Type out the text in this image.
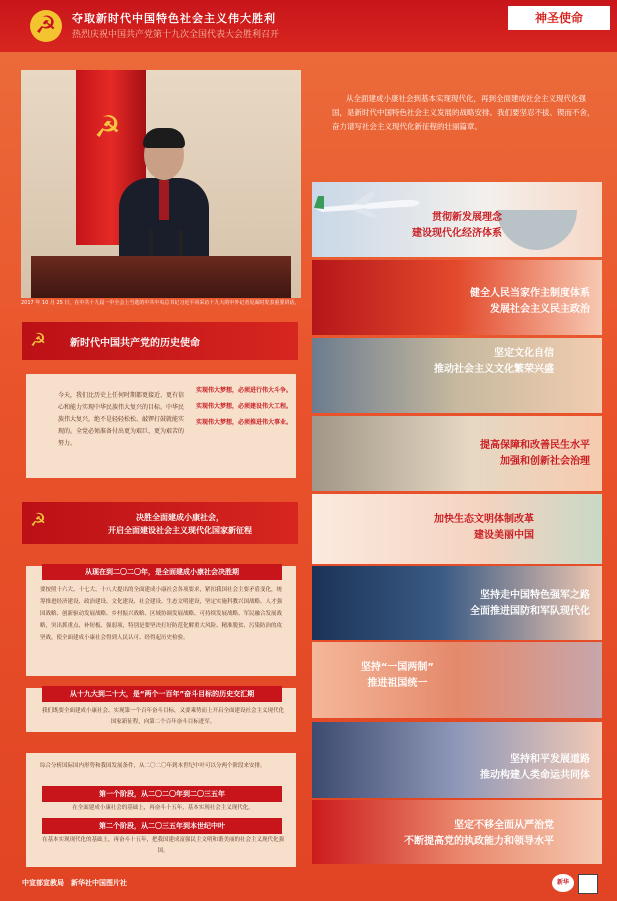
☭
夺取新时代中国特色社会主义伟大胜利
热烈庆祝中国共产党第十九次全国代表大会胜利召开
神圣使命
☭
2017 年 10 月 25 日，在中共十九届一中全会上当选的中共中央总书记习近平同采访十九大的中外记者见面时发表重要讲话。
☭ 新时代中国共产党的历史使命
今天，我们比历史上任何时期都更接近、更有信心和能力实现中华民族伟大复兴的目标。中华民族伟大复兴，绝不是轻轻松松、敲锣打鼓就能实现的。全党必须准备付出更为艰巨、更为艰苦的努力。
实现伟大梦想，必须进行伟大斗争。
实现伟大梦想，必须建设伟大工程。
实现伟大梦想，必须推进伟大事业。
☭	决胜全面建成小康社会，
开启全面建设社会主义现代化国家新征程
要按照十六大、十七大、十八大提出的全面建成小康社会各项要求，紧扣我国社会主要矛盾变化，统筹推进经济建设、政治建设、文化建设、社会建设、生态文明建设，坚定实施科教兴国战略、人才强国战略、创新驱动发展战略、乡村振兴战略、区域协调发展战略、可持续发展战略、军民融合发展战略，突出抓重点、补短板、强弱项，特别是要坚决打好防范化解重大风险、精准脱贫、污染防治的攻坚战，使全面建成小康社会得到人民认可、经得起历史检验。
从现在到二〇二〇年，是全面建成小康社会决胜期
我们既要全面建成小康社会、实现第一个百年奋斗目标，又要乘势而上开启全面建设社会主义现代化国家新征程，向第二个百年奋斗目标进军。
从十九大到二十大，是“两个一百年”奋斗目标的历史交汇期
综合分析国际国内形势和我国发展条件，从二〇二〇年到本世纪中叶可以分两个阶段来安排。
在全面建成小康社会的基础上，再奋斗十五年，基本实现社会主义现代化。
在基本实现现代化的基础上，再奋斗十五年，把我国建成富强民主文明和谐美丽的社会主义现代化强国。
第一个阶段，从二〇二〇年到二〇三五年
第二个阶段，从二〇三五年到本世纪中叶
从全面建成小康社会到基本实现现代化，再到全面建成社会主义现代化强国，是新时代中国特色社会主义发展的战略安排。我们要坚忍不拔、锲而不舍，奋力谱写社会主义现代化新征程的壮丽篇章。
贯彻新发展理念
建设现代化经济体系
健全人民当家作主制度体系
发展社会主义民主政治
坚定文化自信
推动社会主义文化繁荣兴盛
提高保障和改善民生水平
加强和创新社会治理
加快生态文明体制改革
建设美丽中国
坚持走中国特色强军之路
全面推进国防和军队现代化
坚持“一国两制”
推进祖国统一
坚持和平发展道路
推动构建人类命运共同体
坚定不移全面从严治党
不断提高党的执政能力和领导水平
中宣部宣教局　新华社中国图片社	新华
